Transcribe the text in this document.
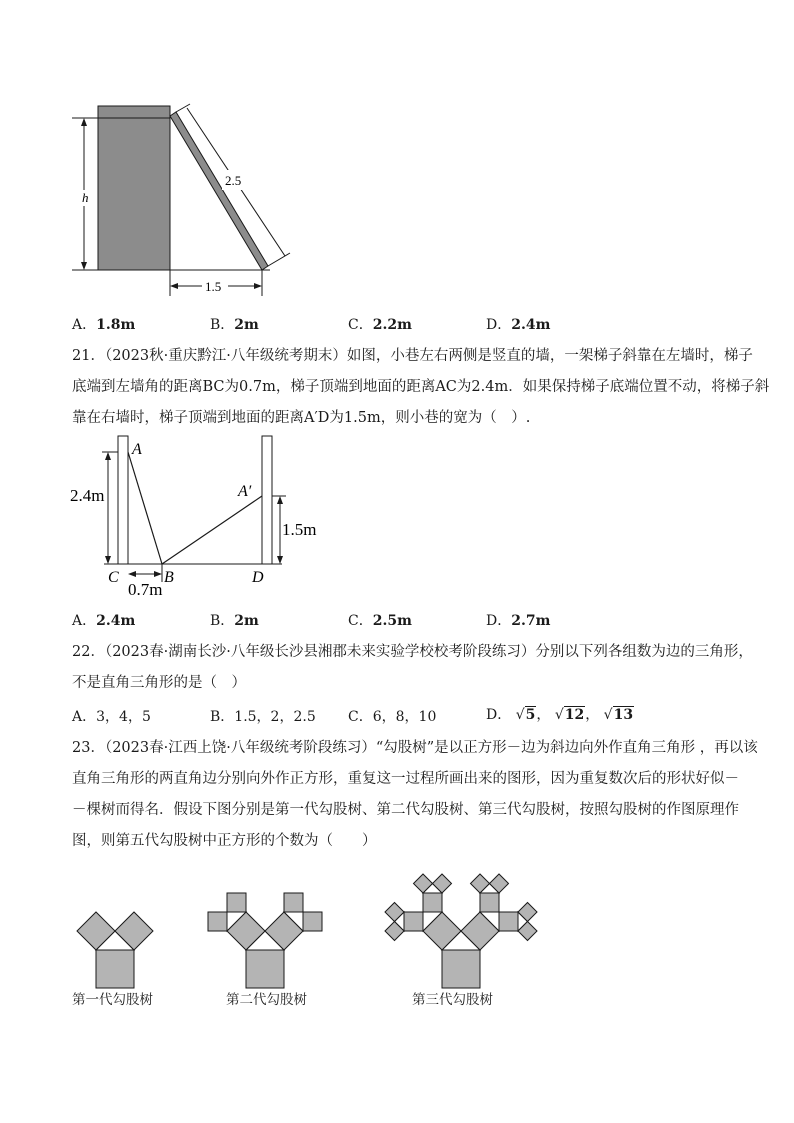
h
2.5
1.5
A．1.8m	B．2m	C．2.2m	D．2.4m
21．（2023秋·重庆黔江·八年级统考期末）如图，小巷左右两侧是竖直的墙，一架梯子斜靠在左墙时，梯子
底端到左墙角的距离BC为0.7m，梯子顶端到地面的距离AC为2.4m．如果保持梯子底端位置不动，将梯子斜
靠在右墙时，梯子顶端到地面的距离A′D为1.5m，则小巷的宽为（　）.
2.4m
1.5m
0.7m
A
A′
C	B	D
A．2.4m	B．2m	C．2.5m	D．2.7m
22．（2023春·湖南长沙·八年级长沙县湘郡未来实验学校校考阶段练习）分别以下列各组数为边的三角形，
不是直角三角形的是（　）
A．3，4，5	B．1.5，2，2.5 C．6，8，10	D． √5， √12， √13
23．（2023春·江西上饶·八年级统考阶段练习）“勾股树”是以正方形－边为斜边向外作直角三角形 ，再以该
直角三角形的两直角边分别向外作正方形，重复这一过程所画出来的图形，因为重复数次后的形状好似－
－棵树而得名．假设下图分别是第一代勾股树、第二代勾股树、第三代勾股树，按照勾股树的作图原理作
图，则第五代勾股树中正方形的个数为（　　）
第一代勾股树	第二代勾股树	第三代勾股树
